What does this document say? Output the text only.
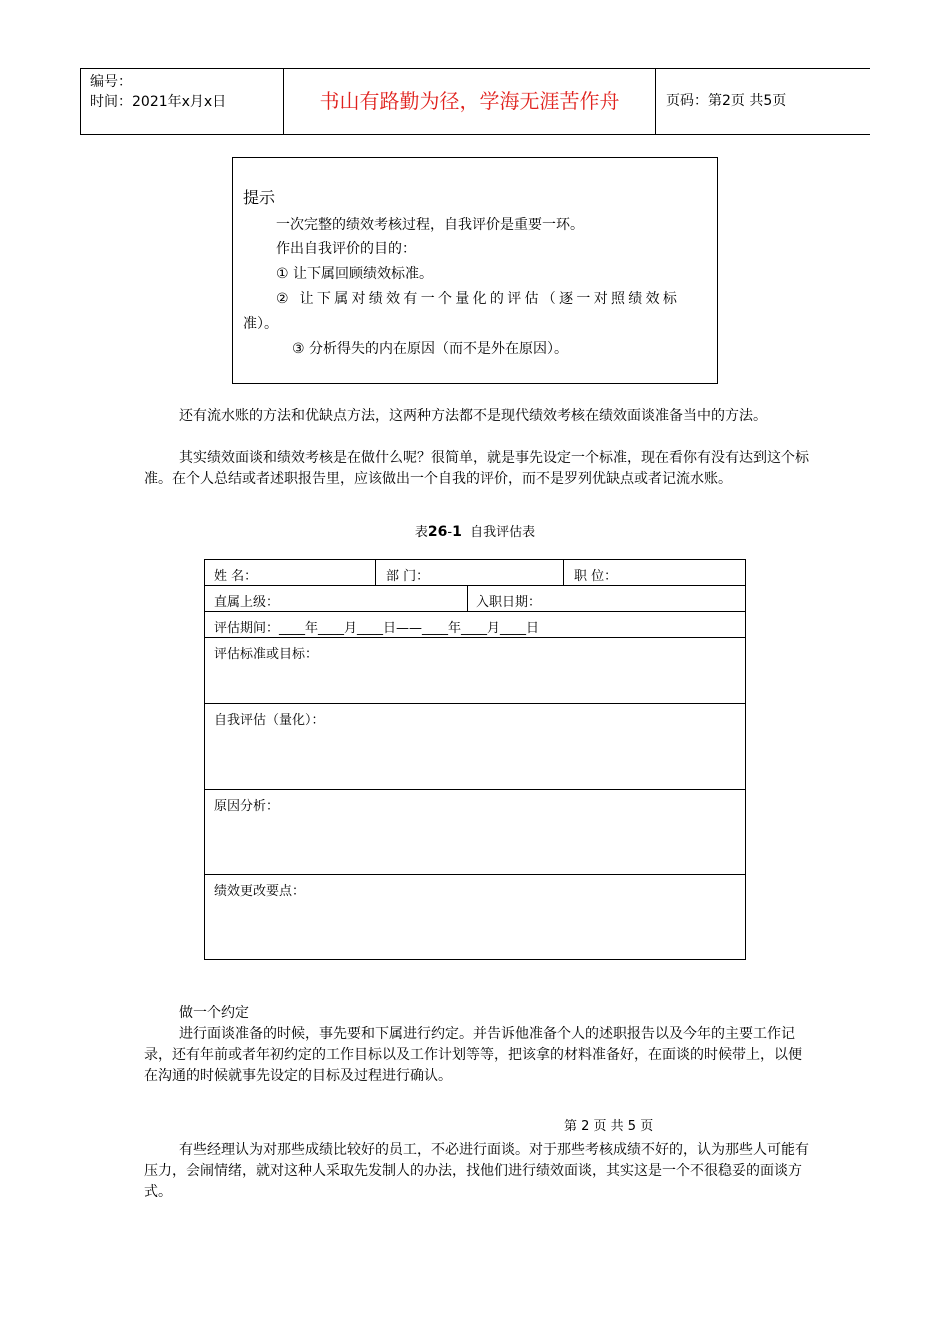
编号：
时间：2021年x月x日	书山有路勤为径，学海无涯苦作舟	页码：第2页 共5页
提示
一次完整的绩效考核过程，自我评价是重要一环。
作出自我评价的目的：
① 让下属回顾绩效标准。
② 让下属对绩效有一个量化的评估（逐一对照绩效标
准）。
③ 分析得失的内在原因（而不是外在原因）。
还有流水账的方法和优缺点方法，这两种方法都不是现代绩效考核在绩效面谈准备当中的方法。
其实绩效面谈和绩效考核是在做什么呢？很简单，就是事先设定一个标准，现在看你有没有达到这个标准。在个人总结或者述职报告里，应该做出一个自我的评价，而不是罗列优缺点或者记流水账。
表26-1 自我评估表
姓 名：	部 门：	职 位：
直属上级：	入职日期：
评估期间：____年____月____日——____年____月____日
评估标准或目标：
自我评估（量化）：
原因分析：
绩效更改要点：
做一个约定
进行面谈准备的时候，事先要和下属进行约定。并告诉他准备个人的述职报告以及今年的主要工作记录，还有年前或者年初约定的工作目标以及工作计划等等，把该拿的材料准备好，在面谈的时候带上，以便在沟通的时候就事先设定的目标及过程进行确认。
第 2 页 共 5 页
有些经理认为对那些成绩比较好的员工，不必进行面谈。对于那些考核成绩不好的，认为那些人可能有压力，会闹情绪，就对这种人采取先发制人的办法，找他们进行绩效面谈，其实这是一个不很稳妥的面谈方式。
